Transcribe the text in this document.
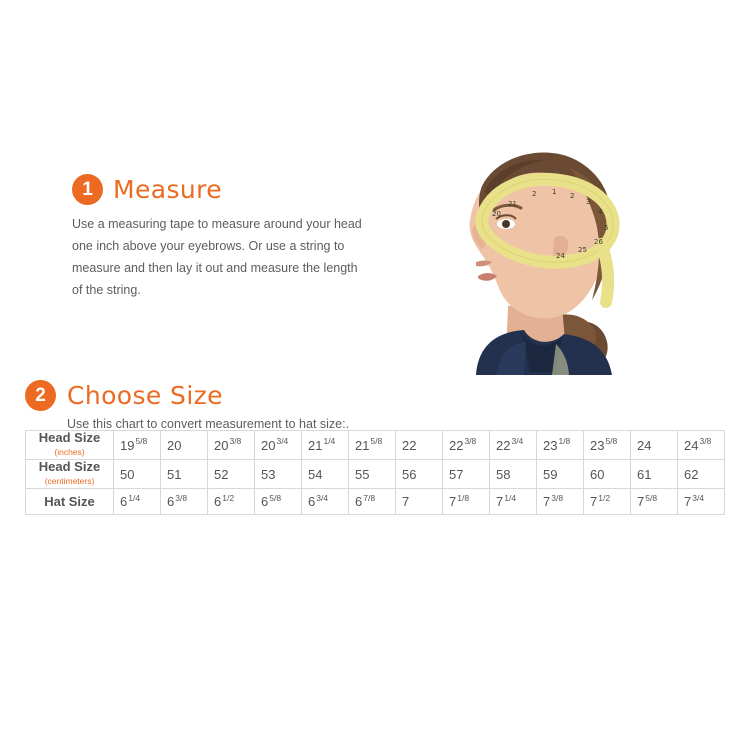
1 Measure
Use a measuring tape to measure around your head one inch above your eyebrows. Or use a string to measure and then lay it out and measure the length of the string.
20
21
2 1 2
3
4
5
26
25
24
2 Choose Size
Use this chart to convert measurement to hat size:.
Head Size
(inches)	$19^{5/8}$	20	$20^{3/8}$	$20^{3/4}$	$21^{1/4}$	$21^{5/8}$	22	$22^{3/8}$	$22^{3/4}$	$23^{1/8}$	$23^{5/8}$	24	$24^{3/8}$
Head Size
(centimeters)	50	51	52	53	54	55	56	57	58	59	60	61	62
Hat Size	$6^{1/4}$	$6^{3/8}$	$6^{1/2}$	$6^{5/8}$	$6^{3/4}$	$6^{7/8}$	7	$7^{1/8}$	$7^{1/4}$	$7^{3/8}$	$7^{1/2}$	$7^{5/8}$	$7^{3/4}$
